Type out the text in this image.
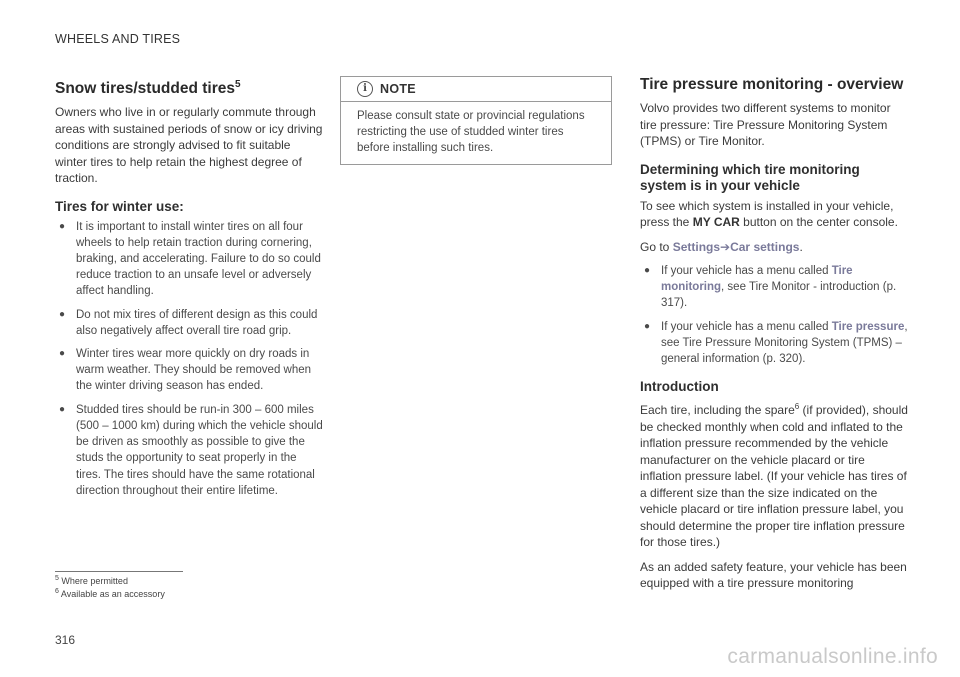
WHEELS AND TIRES
Snow tires/studded tires$^5$

Owners who live in or regularly commute through areas with sustained periods of snow or icy driving conditions are strongly advised to fit suitable winter tires to help retain the highest degree of traction.

Tires for winter use:
● It is important to install winter tires on all four wheels to help retain traction during cornering, braking, and accelerating. Failure to do so could reduce traction to an unsafe level or adversely affect handling.
● Do not mix tires of different design as this could also negatively affect overall tire road grip.
● Winter tires wear more quickly on dry roads in warm weather. They should be removed when the winter driving season has ended.
● Studded tires should be run-in 300 – 600 miles (500 – 1000 km) during which the vehicle should be driven as smoothly as possible to give the studs the opportunity to seat properly in the tires. The tires should have the same rotational direction throughout their entire lifetime.
i	NOTE
Please consult state or provincial regulations restricting the use of studded winter tires before installing such tires.
Tire pressure monitoring - overview

Volvo provides two different systems to monitor tire pressure: Tire Pressure Monitoring System (TPMS) or Tire Monitor.

Determining which tire monitoring system is in your vehicle

To see which system is installed in your vehicle, press the MY CAR button on the center console.

Go to Settings➔Car settings.

● If your vehicle has a menu called Tire monitoring, see Tire Monitor - introduction (p. 317).
● If your vehicle has a menu called Tire pressure, see Tire Pressure Monitoring System (TPMS) – general information (p. 320).
Introduction

Each tire, including the spare$^6$ (if provided), should be checked monthly when cold and inflated to the inflation pressure recommended by the vehicle manufacturer on the vehicle placard or tire inflation pressure label. (If your vehicle has tires of a different size than the size indicated on the vehicle placard or tire inflation pressure label, you should determine the proper tire inflation pressure for those tires.)

As an added safety feature, your vehicle has been equipped with a tire pressure monitoring

$^5$ Where permitted
$^6$ Available as an accessory
316
carmanualsonline.info
